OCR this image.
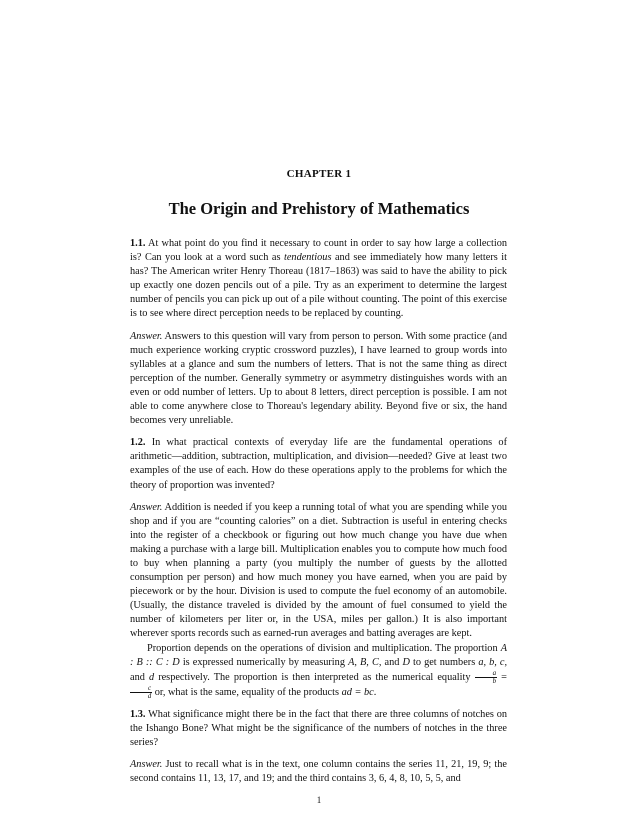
CHAPTER 1
The Origin and Prehistory of Mathematics

1.1. At what point do you find it necessary to count in order to say how large a collection is? Can you look at a word such as tendentious and see immediately how many letters it has? The American writer Henry Thoreau (1817–1863) was said to have the ability to pick up exactly one dozen pencils out of a pile. Try as an experiment to determine the largest number of pencils you can pick up out of a pile without counting. The point of this exercise is to see where direct perception needs to be replaced by counting.

Answer. Answers to this question will vary from person to person. With some practice (and much experience working cryptic crossword puzzles), I have learned to group words into syllables at a glance and sum the numbers of letters. That is not the same thing as direct perception of the number. Generally symmetry or asymmetry distinguishes words with an even or odd number of letters. Up to about 8 letters, direct perception is possible. I am not able to come anywhere close to Thoreau's legendary ability. Beyond five or six, the hand becomes very unreliable.

1.2. In what practical contexts of everyday life are the fundamental operations of arithmetic—addition, subtraction, multiplication, and division—needed? Give at least two examples of the use of each. How do these operations apply to the problems for which the theory of proportion was invented?

Answer. Addition is needed if you keep a running total of what you are spending while you shop and if you are “counting calories” on a diet. Subtraction is useful in entering checks into the register of a checkbook or figuring out how much change you have due when making a purchase with a large bill. Multiplication enables you to compute how much food to buy when planning a party (you multiply the number of guests by the allotted consumption per person) and how much money you have earned, when you are paid by piecework or by the hour. Division is used to compute the fuel economy of an automobile. (Usually, the distance traveled is divided by the amount of fuel consumed to yield the number of kilometers per liter or, in the USA, miles per gallon.) It is also important wherever sports records such as earned-run averages and batting averages are kept.

Proportion depends on the operations of division and multiplication. The proportion A : B :: C : D is expressed numerically by measuring A, B, C, and D to get numbers a, b, c, and d respectively. The proportion is then interpreted as the numerical equality $\frac{a}{b}$ =
$\frac{c}{d}$ or, what is the same, equality of the products ad = bc.

1.3. What significance might there be in the fact that there are three columns of notches on the Ishango Bone? What might be the significance of the numbers of notches in the three series?

Answer. Just to recall what is in the text, one column contains the series 11, 21, 19, 9; the second contains 11, 13, 17, and 19; and the third contains 3, 6, 4, 8, 10, 5, 5, and

1
